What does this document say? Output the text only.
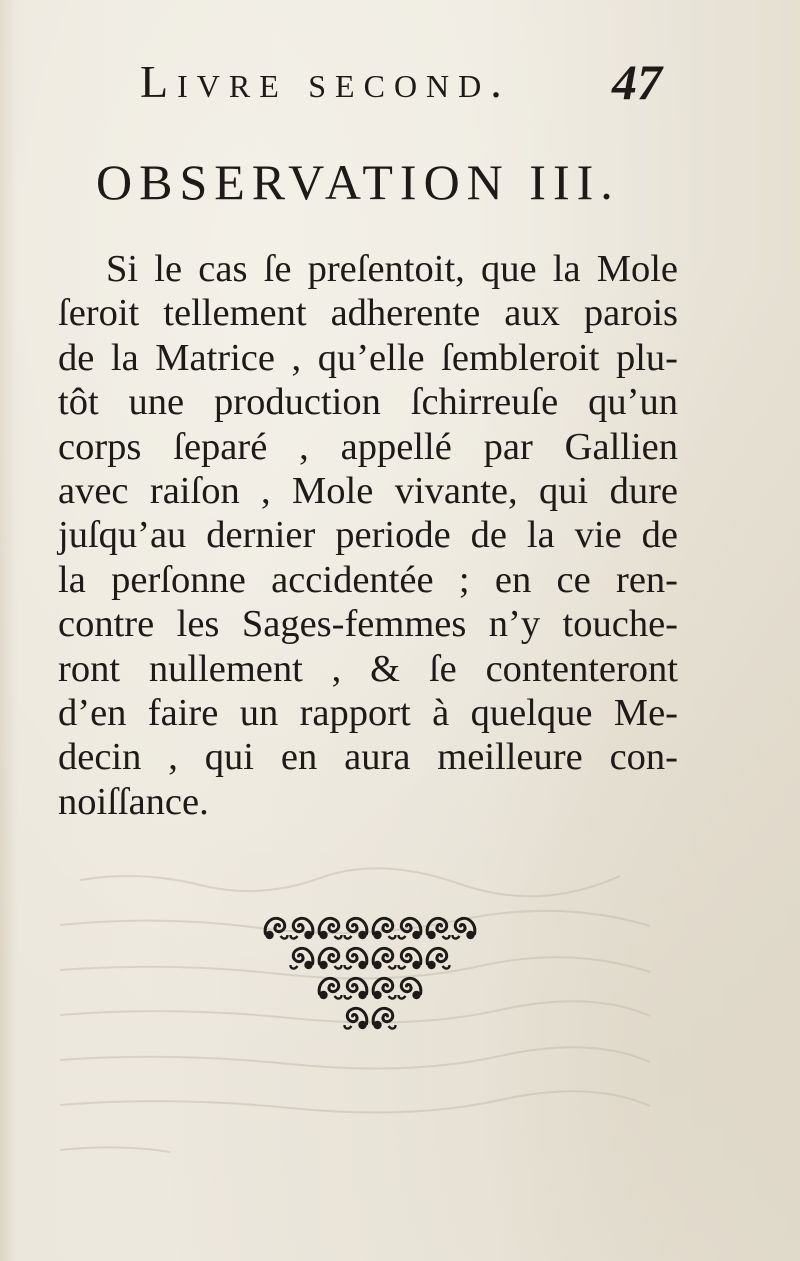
Livre second.	47
OBSERVATION III.
Si le cas ſe preſentoit, que la Mole
ſeroit tellement adherente aux parois
de la Matrice , qu’elle ſembleroit plu-
tôt une production ſchirreuſe qu’un
corps ſeparé , appellé par Gallien
avec raiſon , Mole vivante, qui dure
juſqu’au dernier periode de la vie de
la perſonne accidentée ; en ce ren-
contre les Sages-femmes n’y touche-
ront nullement , & ſe contenteront
d’en faire un rapport à quelque Me-
decin , qui en aura meilleure con-
noiſſance.
